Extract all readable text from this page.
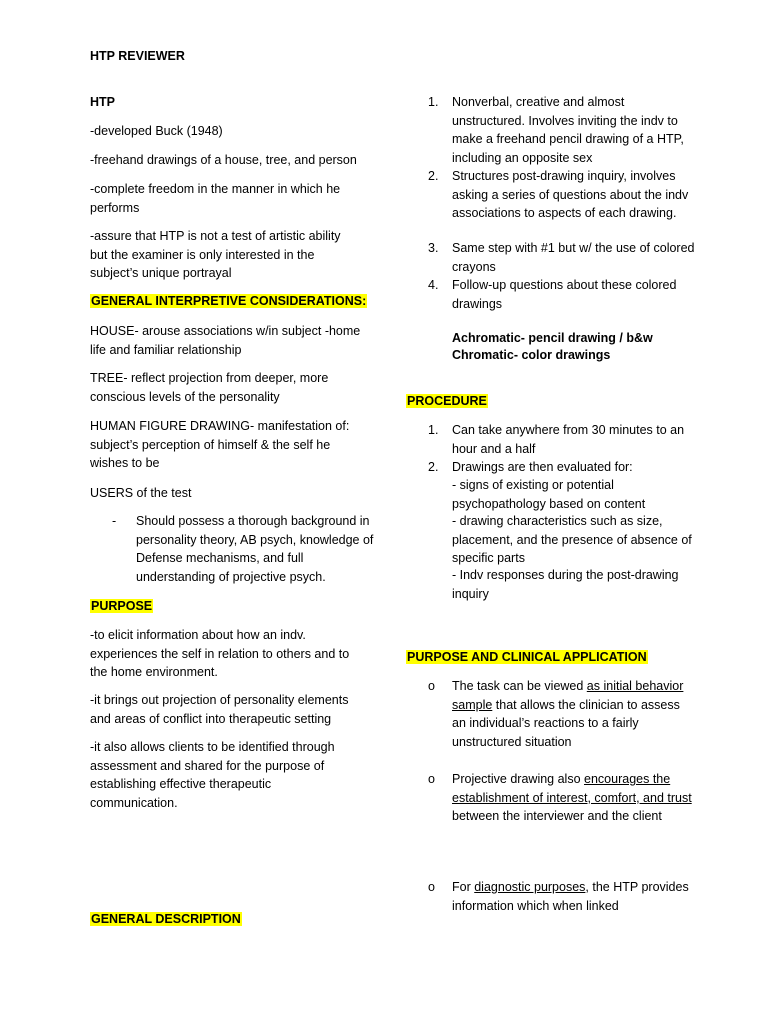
HTP REVIEWER
HTP
-developed Buck (1948)
-freehand drawings of a house, tree, and person
-complete freedom in the manner in which he performs
-assure that HTP is not a test of artistic ability but the examiner is only interested in the subject’s unique portrayal
GENERAL INTERPRETIVE CONSIDERATIONS:
HOUSE- arouse associations w/in subject -home life and familiar relationship
TREE- reflect projection from deeper, more conscious levels of the personality
HUMAN FIGURE DRAWING- manifestation of: subject’s perception of himself & the self he wishes to be
USERS of the test
- Should possess a thorough background in personality theory, AB psych, knowledge of Defense mechanisms, and full understanding of projective psych.
PURPOSE
-to elicit information about how an indv. experiences the self in relation to others and to the home environment.
-it brings out projection of personality elements and areas of conflict into therapeutic setting
-it also allows clients to be identified through assessment and shared for the purpose of establishing effective therapeutic communication.
GENERAL DESCRIPTION
1. Nonverbal, creative and almost unstructured. Involves inviting the indv to make a freehand pencil drawing of a HTP, including an opposite sex
2. Structures post-drawing inquiry, involves asking a series of questions about the indv associations to aspects of each drawing.
3. Same step with #1 but w/ the use of colored crayons
4. Follow-up questions about these colored drawings
Achromatic- pencil drawing / b&w
Chromatic- color drawings
PROCEDURE
1. Can take anywhere from 30 minutes to an hour and a half
2. Drawings are then evaluated for:
- signs of existing or potential psychopathology based on content
- drawing characteristics such as size, placement, and the presence of absence of specific parts
- Indv responses during the post-drawing inquiry
PURPOSE AND CLINICAL APPLICATION
o The task can be viewed as initial behavior sample that allows the clinician to assess an individual’s reactions to a fairly unstructured situation
o Projective drawing also encourages the establishment of interest, comfort, and trust between the interviewer and the client
o For diagnostic purposes, the HTP provides information which when linked
